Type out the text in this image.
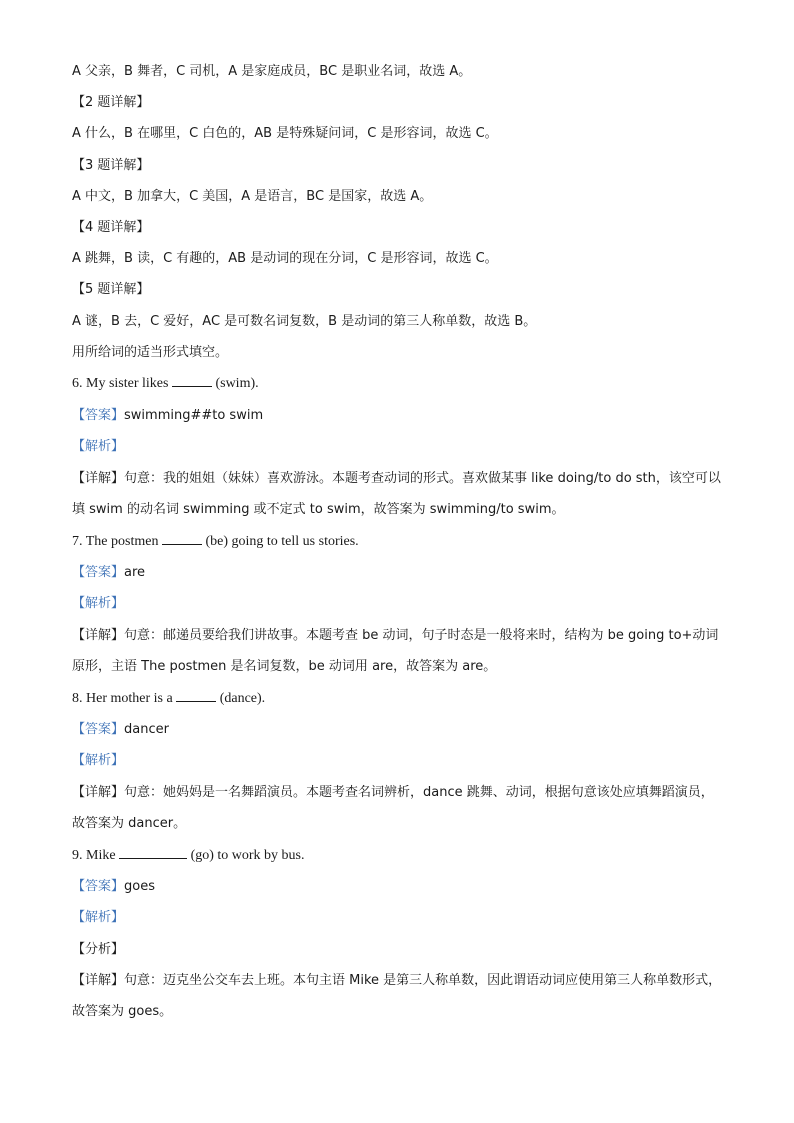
A 父亲，B 舞者，C 司机，A 是家庭成员，BC 是职业名词，故选 A。
【2 题详解】
A 什么，B 在哪里，C 白色的，AB 是特殊疑问词，C 是形容词，故选 C。
【3 题详解】
A 中文，B 加拿大，C 美国，A 是语言，BC 是国家，故选 A。
【4 题详解】
A 跳舞，B 读，C 有趣的，AB 是动词的现在分词，C 是形容词，故选 C。
【5 题详解】
A 谜，B 去，C 爱好，AC 是可数名词复数，B 是动词的第三人称单数，故选 B。
用所给词的适当形式填空。
6. My sister likes	(swim).
【答案】swimming##to swim
【解析】
【详解】句意：我的姐姐（妹妹）喜欢游泳。本题考查动词的形式。喜欢做某事 like doing/to do sth，该空可以填 swim 的动名词 swimming 或不定式 to swim，故答案为 swimming/to swim。
7. The postmen	(be) going to tell us stories.
【答案】are
【解析】
【详解】句意：邮递员要给我们讲故事。本题考查 be 动词，句子时态是一般将来时，结构为 be going to+动词原形，主语 The postmen 是名词复数，be 动词用 are，故答案为 are。
8. Her mother is a	(dance).
【答案】dancer
【解析】
【详解】句意：她妈妈是一名舞蹈演员。本题考查名词辨析，dance 跳舞、动词，根据句意该处应填舞蹈演员，故答案为 dancer。
9. Mike	(go) to work by bus.
【答案】goes
【解析】
【分析】
【详解】句意：迈克坐公交车去上班。本句主语 Mike 是第三人称单数，因此谓语动词应使用第三人称单数形式，故答案为 goes。
